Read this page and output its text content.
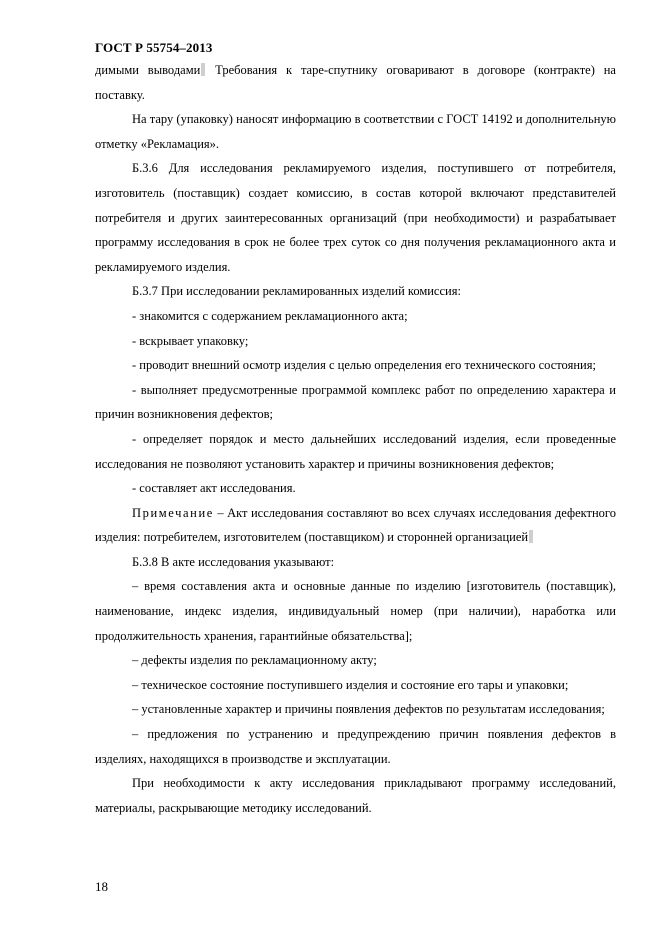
ГОСТ Р 55754–2013

димыми выводами Требования к таре-спутнику оговаривают в договоре (контракте) на поставку.

На тару (упаковку) наносят информацию в соответствии с ГОСТ 14192 и дополнительную отметку «Рекламация».

Б.3.6 Для исследования рекламируемого изделия, поступившего от потребителя, изготовитель (поставщик) создает комиссию, в состав которой включают представителей потребителя и других заинтересованных организаций (при необходимости) и разрабатывает программу исследования в срок не более трех суток со дня получения рекламационного акта и рекламируемого изделия.

Б.3.7 При исследовании рекламированных изделий комиссия:

- знакомится с содержанием рекламационного акта;

- вскрывает упаковку;

- проводит внешний осмотр изделия с целью определения его технического состояния;

- выполняет предусмотренные программой комплекс работ по определению характера и причин возникновения дефектов;

- определяет порядок и место дальнейших исследований изделия, если проведенные исследования не позволяют установить характер и причины возникновения дефектов;

- составляет акт исследования.

Примечание – Акт исследования составляют во всех случаях исследования дефектного изделия: потребителем, изготовителем (поставщиком) и сторонней организацией

Б.3.8 В акте исследования указывают:

– время составления акта и основные данные по изделию [изготовитель (поставщик), наименование, индекс изделия, индивидуальный номер (при наличии), наработка или продолжительность хранения, гарантийные обязательства];

– дефекты изделия по рекламационному акту;

– техническое состояние поступившего изделия и состояние его тары и упаковки;

– установленные характер и причины появления дефектов по результатам исследования;

– предложения по устранению и предупреждению причин появления дефектов в изделиях, находящихся в производстве и эксплуатации.

При необходимости к акту исследования прикладывают программу исследований, материалы, раскрывающие методику исследований.

18
